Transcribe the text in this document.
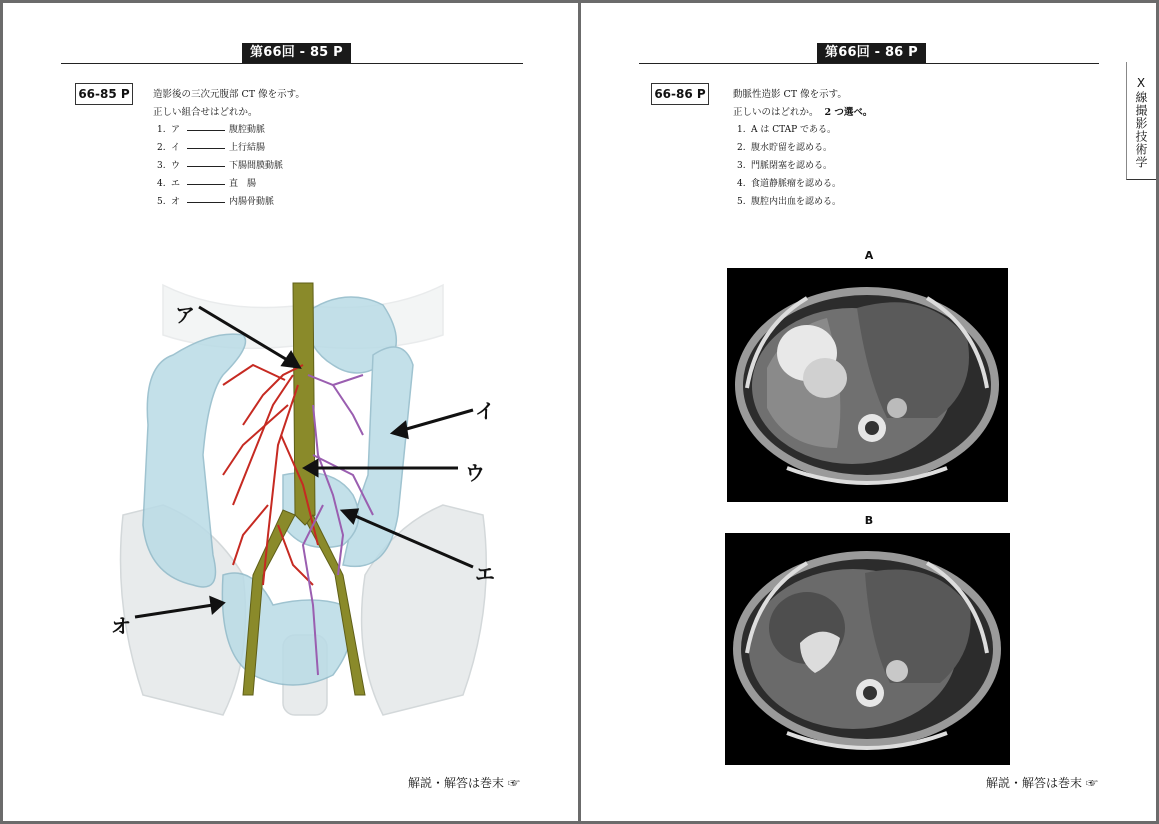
第66回 - 85 P
66-85 P	造影後の三次元腹部 CT 像を示す。
正しい組合せはどれか。
1. ア	腹腔動脈
2. イ	上行結腸
3. ウ	下腸間膜動脈
4. エ	直　腸
5. オ	内腸骨動脈
ア
イ
ウ
エ
オ
解説・解答は巻末 ☞
第66回 - 86 P
X線撮影技術学
66-86 P	動脈性造影 CT 像を示す。
正しいのはどれか。 2 つ選べ。
1. A は CTAP である。
2. 腹水貯留を認める。
3. 門脈閉塞を認める。
4. 食道静脈瘤を認める。
5. 腹腔内出血を認める。
A
B
解説・解答は巻末 ☞
